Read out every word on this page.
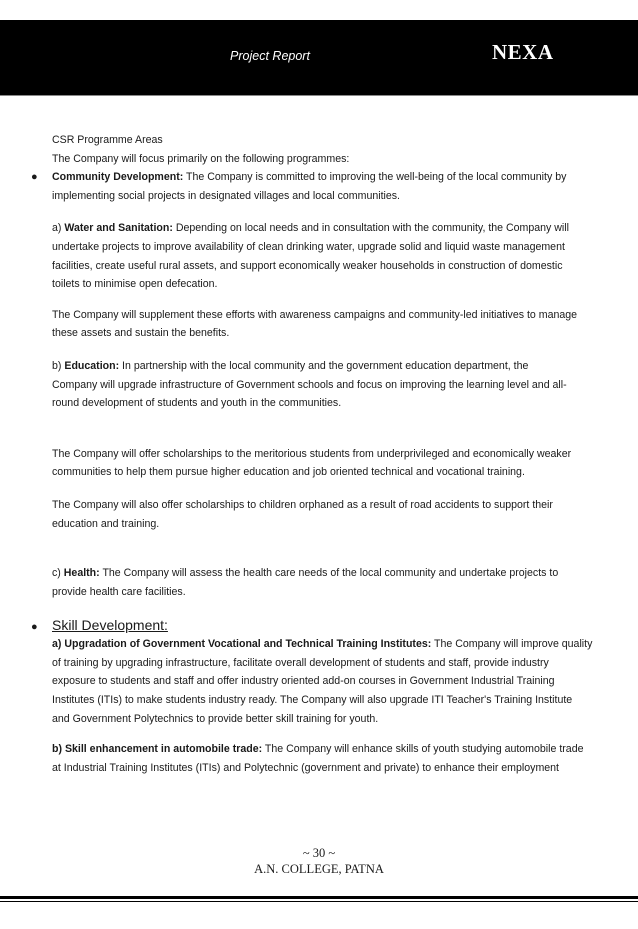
Project Report	NEXA
CSR Programme Areas
The Company will focus primarily on the following programmes:
● Community Development: The Company is committed to improving the well-being of the local community by
implementing social projects in designated villages and local communities.
a) Water and Sanitation: Depending on local needs and in consultation with the community, the Company will
undertake projects to improve availability of clean drinking water, upgrade solid and liquid waste management
facilities, create useful rural assets, and support economically weaker households in construction of domestic
toilets to minimise open defecation.
The Company will supplement these efforts with awareness campaigns and community-led initiatives to manage
these assets and sustain the benefits.
b) Education: In partnership with the local community and the government education department, the
Company will upgrade infrastructure of Government schools and focus on improving the learning level and all-
round development of students and youth in the communities.
The Company will offer scholarships to the meritorious students from underprivileged and economically weaker
communities to help them pursue higher education and job oriented technical and vocational training.
The Company will also offer scholarships to children orphaned as a result of road accidents to support their
education and training.
c) Health: The Company will assess the health care needs of the local community and undertake projects to
provide health care facilities.
● Skill Development:
a) Upgradation of Government Vocational and Technical Training Institutes: The Company will improve quality
of training by upgrading infrastructure, facilitate overall development of students and staff, provide industry
exposure to students and staff and offer industry oriented add-on courses in Government Industrial Training
Institutes (ITIs) to make students industry ready. The Company will also upgrade ITI Teacher's Training Institute
and Government Polytechnics to provide better skill training for youth.
b) Skill enhancement in automobile trade: The Company will enhance skills of youth studying automobile trade
at Industrial Training Institutes (ITIs) and Polytechnic (government and private) to enhance their employment
~ 30 ~
A.N. COLLEGE, PATNA
